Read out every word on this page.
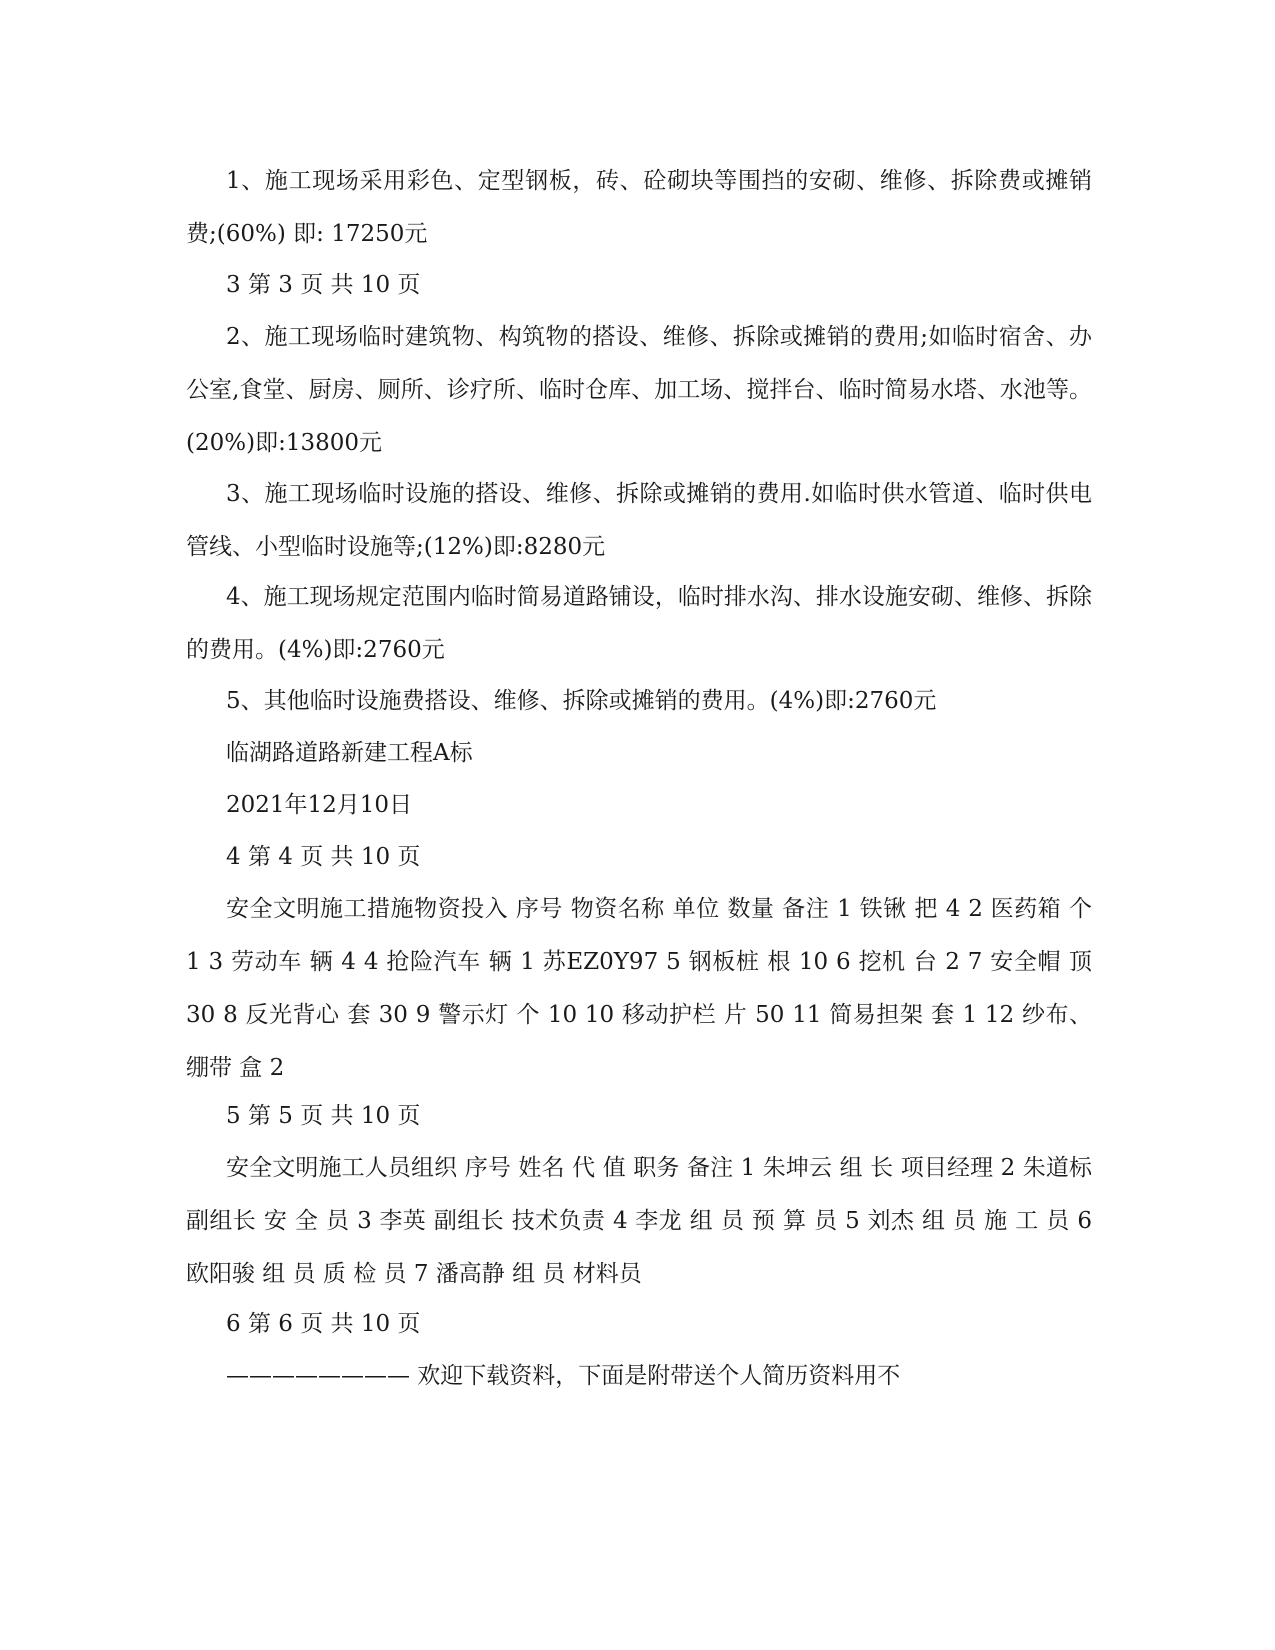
1、施工现场采用彩色、定型钢板，砖、砼砌块等围挡的安砌、维修、拆除费或摊销费;(60%) 即: 17250元

3 第 3 页 共 10 页

2、施工现场临时建筑物、构筑物的搭设、维修、拆除或摊销的费用;如临时宿舍、办公室,食堂、厨房、厕所、诊疗所、临时仓库、加工场、搅拌台、临时简易水塔、水池等。(20%)即:13800元

3、施工现场临时设施的搭设、维修、拆除或摊销的费用.如临时供水管道、临时供电管线、小型临时设施等;(12%)即:8280元

4、施工现场规定范围内临时简易道路铺设，临时排水沟、排水设施安砌、维修、拆除的费用。(4%)即:2760元

5、其他临时设施费搭设、维修、拆除或摊销的费用。(4%)即:2760元

临湖路道路新建工程A标

2021年12月10日

4 第 4 页 共 10 页

安全文明施工措施物资投入 序号 物资名称 单位 数量 备注 1 铁锹 把 4 2 医药箱 个 1 3 劳动车 辆 4 4 抢险汽车 辆 1 苏EZ0Y97 5 钢板桩 根 10 6 挖机 台 2 7 安全帽 顶 30 8 反光背心 套 30 9 警示灯 个 10 10 移动护栏 片 50 11 简易担架 套 1 12 纱布、绷带 盒 2

5 第 5 页 共 10 页

安全文明施工人员组织 序号 姓名 代 值 职务 备注 1 朱坤云 组 长 项目经理 2 朱道标 副组长 安 全 员 3 李英 副组长 技术负责 4 李龙 组 员 预 算 员 5 刘杰 组 员 施 工 员 6 欧阳骏 组 员 质 检 员 7 潘高静 组 员 材料员

6 第 6 页 共 10 页

———————— 欢迎下载资料，下面是附带送个人简历资料用不
